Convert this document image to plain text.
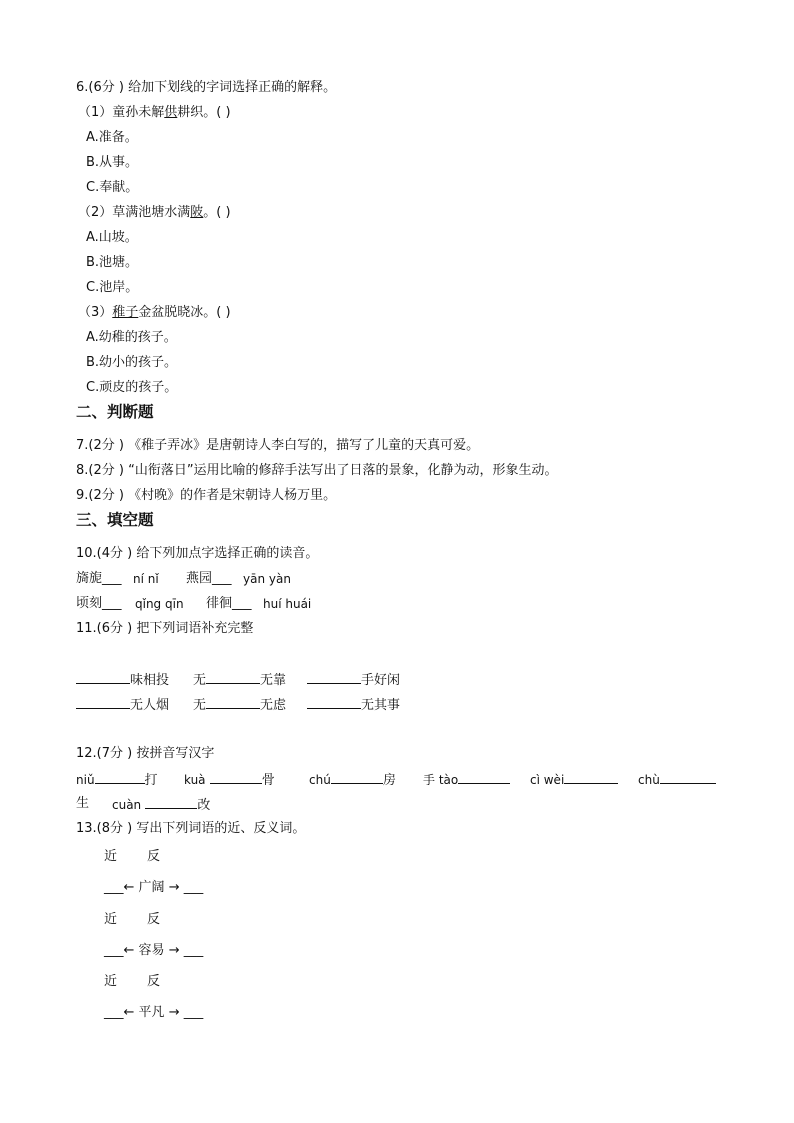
6.(6分 ) 给加下划线的字词选择正确的解释。
（1）童孙未解供耕织。( )
A.准备。
B.从事。
C.奉献。
（2）草满池塘水满陂。( )
A.山坡。
B.池塘。
C.池岸。
（3）稚子金盆脱晓冰。( )
A.幼稚的孩子。
B.幼小的孩子。
C.顽皮的孩子。
二、判断题
7.(2分 ) 《稚子弄冰》是唐朝诗人李白写的，描写了儿童的天真可爱。
8.(2分 ) “山衔落日”运用比喻的修辞手法写出了日落的景象，化静为动，形象生动。
9.(2分 ) 《村晚》的作者是宋朝诗人杨万里。
三、填空题
10.(4分 ) 给下列加点字选择正确的读音。
旖旎___ ní nǐ 燕园___ yān yàn
顷刻___ qǐng qīn 徘徊___ huí huái
11.(6分 ) 把下列词语补充完整
味相投 无	无靠	手好闲
无人烟 无	无虑	无其事
12.(7分 ) 按拼音写汉字
niǔ	打 kuà	骨	chú	房 手 tào	cì wèi	chù
生 cuàn	改
13.(8分 ) 写出下列词语的近、反义词。
近 反
___← 广阔 → ___
近 反
___← 容易 → ___
近 反
___← 平凡 → ___
